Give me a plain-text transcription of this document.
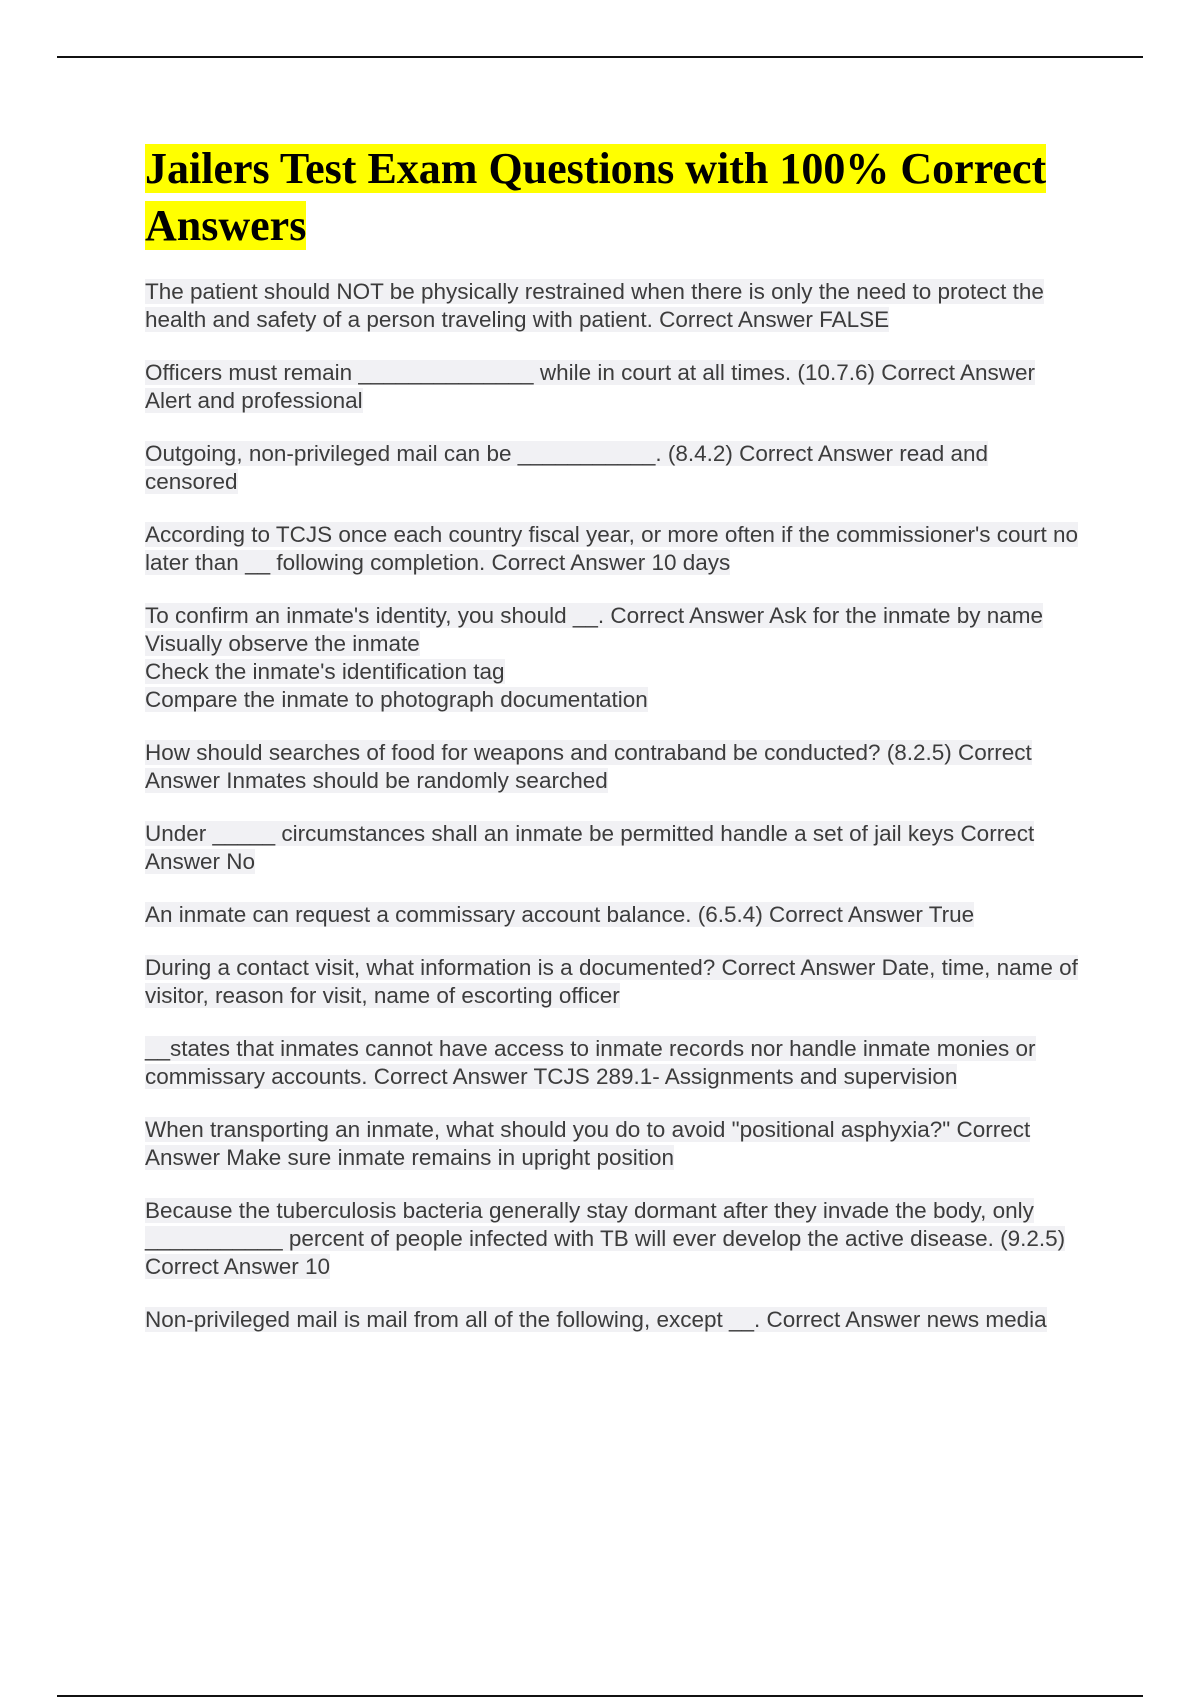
Jailers Test Exam Questions with 100% Correct Answers

The patient should NOT be physically restrained when there is only the need to protect the health and safety of a person traveling with patient. Correct Answer FALSE

Officers must remain ______________ while in court at all times. (10.7.6) Correct Answer Alert and professional

Outgoing, non-privileged mail can be ___________. (8.4.2) Correct Answer read and censored

According to TCJS once each country fiscal year, or more often if the commissioner's court no later than __ following completion. Correct Answer 10 days

To confirm an inmate's identity, you should __. Correct Answer Ask for the inmate by name
Visually observe the inmate
Check the inmate's identification tag
Compare the inmate to photograph documentation

How should searches of food for weapons and contraband be conducted? (8.2.5) Correct Answer Inmates should be randomly searched

Under _____ circumstances shall an inmate be permitted handle a set of jail keys Correct Answer No

An inmate can request a commissary account balance. (6.5.4) Correct Answer True

During a contact visit, what information is a documented? Correct Answer Date, time, name of visitor, reason for visit, name of escorting officer

__states that inmates cannot have access to inmate records nor handle inmate monies or commissary accounts. Correct Answer TCJS 289.1- Assignments and supervision

When transporting an inmate, what should you do to avoid "positional asphyxia?" Correct Answer Make sure inmate remains in upright position

Because the tuberculosis bacteria generally stay dormant after they invade the body, only ___________ percent of people infected with TB will ever develop the active disease. (9.2.5) Correct Answer 10

Non-privileged mail is mail from all of the following, except __. Correct Answer news media
